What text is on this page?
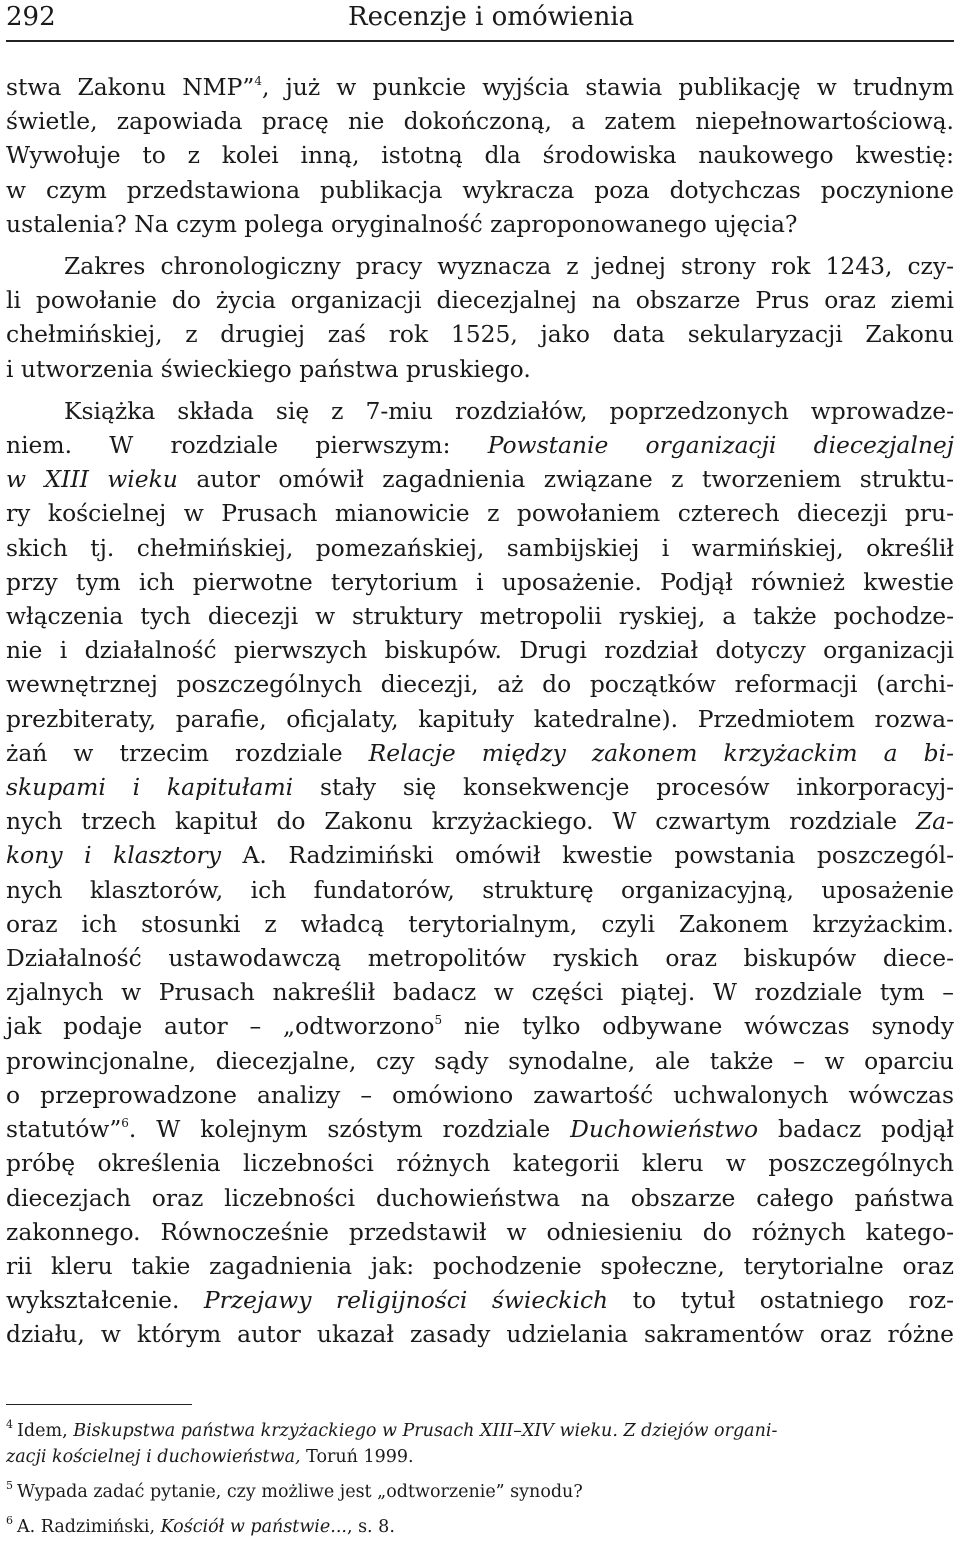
292	Recenzje i omówienia
stwa Zakonu NMP”$^4$, już w punkcie wyjścia stawia publikację w trudnym
świetle, zapowiada pracę nie dokończoną, a zatem niepełnowartościową.
Wywołuje to z kolei inną, istotną dla środowiska naukowego kwestię:
w czym przedstawiona publikacja wykracza poza dotychczas poczynione
ustalenia? Na czym polega oryginalność zaproponowanego ujęcia?
Zakres chronologiczny pracy wyznacza z jednej strony rok 1243, czy-
li powołanie do życia organizacji diecezjalnej na obszarze Prus oraz ziemi
chełmińskiej, z drugiej zaś rok 1525, jako data sekularyzacji Zakonu
i utworzenia świeckiego państwa pruskiego.
Książka składa się z 7-miu rozdziałów, poprzedzonych wprowadze-
niem. W rozdziale pierwszym: Powstanie organizacji diecezjalnej
w XIII wieku autor omówił zagadnienia związane z tworzeniem struktu-
ry kościelnej w Prusach mianowicie z powołaniem czterech diecezji pru-
skich tj. chełmińskiej, pomezańskiej, sambijskiej i warmińskiej, określił
przy tym ich pierwotne terytorium i uposażenie. Podjął również kwestie
włączenia tych diecezji w struktury metropolii ryskiej, a także pochodze-
nie i działalność pierwszych biskupów. Drugi rozdział dotyczy organizacji
wewnętrznej poszczególnych diecezji, aż do początków reformacji (archi-
prezbiteraty, parafie, oficjalaty, kapituły katedralne). Przedmiotem rozwa-
żań w trzecim rozdziale Relacje między zakonem krzyżackim a bi-
skupami i kapitułami stały się konsekwencje procesów inkorporacyj-
nych trzech kapituł do Zakonu krzyżackiego. W czwartym rozdziale Za-
kony i klasztory A. Radzimiński omówił kwestie powstania poszczegól-
nych klasztorów, ich fundatorów, strukturę organizacyjną, uposażenie
oraz ich stosunki z władcą terytorialnym, czyli Zakonem krzyżackim.
Działalność ustawodawczą metropolitów ryskich oraz biskupów diece-
zjalnych w Prusach nakreślił badacz w części piątej. W rozdziale tym –
jak podaje autor – „odtworzono$^5$ nie tylko odbywane wówczas synody
prowincjonalne, diecezjalne, czy sądy synodalne, ale także – w oparciu
o przeprowadzone analizy – omówiono zawartość uchwalonych wówczas
statutów”$^6$. W kolejnym szóstym rozdziale Duchowieństwo badacz podjął
próbę określenia liczebności różnych kategorii kleru w poszczególnych
diecezjach oraz liczebności duchowieństwa na obszarze całego państwa
zakonnego. Równocześnie przedstawił w odniesieniu do różnych katego-
rii kleru takie zagadnienia jak: pochodzenie społeczne, terytorialne oraz
wykształcenie. Przejawy religijności świeckich to tytuł ostatniego roz-
działu, w którym autor ukazał zasady udzielania sakramentów oraz różne
$^4$ Idem, Biskupstwa państwa krzyżackiego w Prusach XIII–XIV wieku. Z dziejów organi-
zacji kościelnej i duchowieństwa, Toruń 1999.
$^5$ Wypada zadać pytanie, czy możliwe jest „odtworzenie” synodu?
$^6$ A. Radzimiński, Kościół w państwie..., s. 8.
